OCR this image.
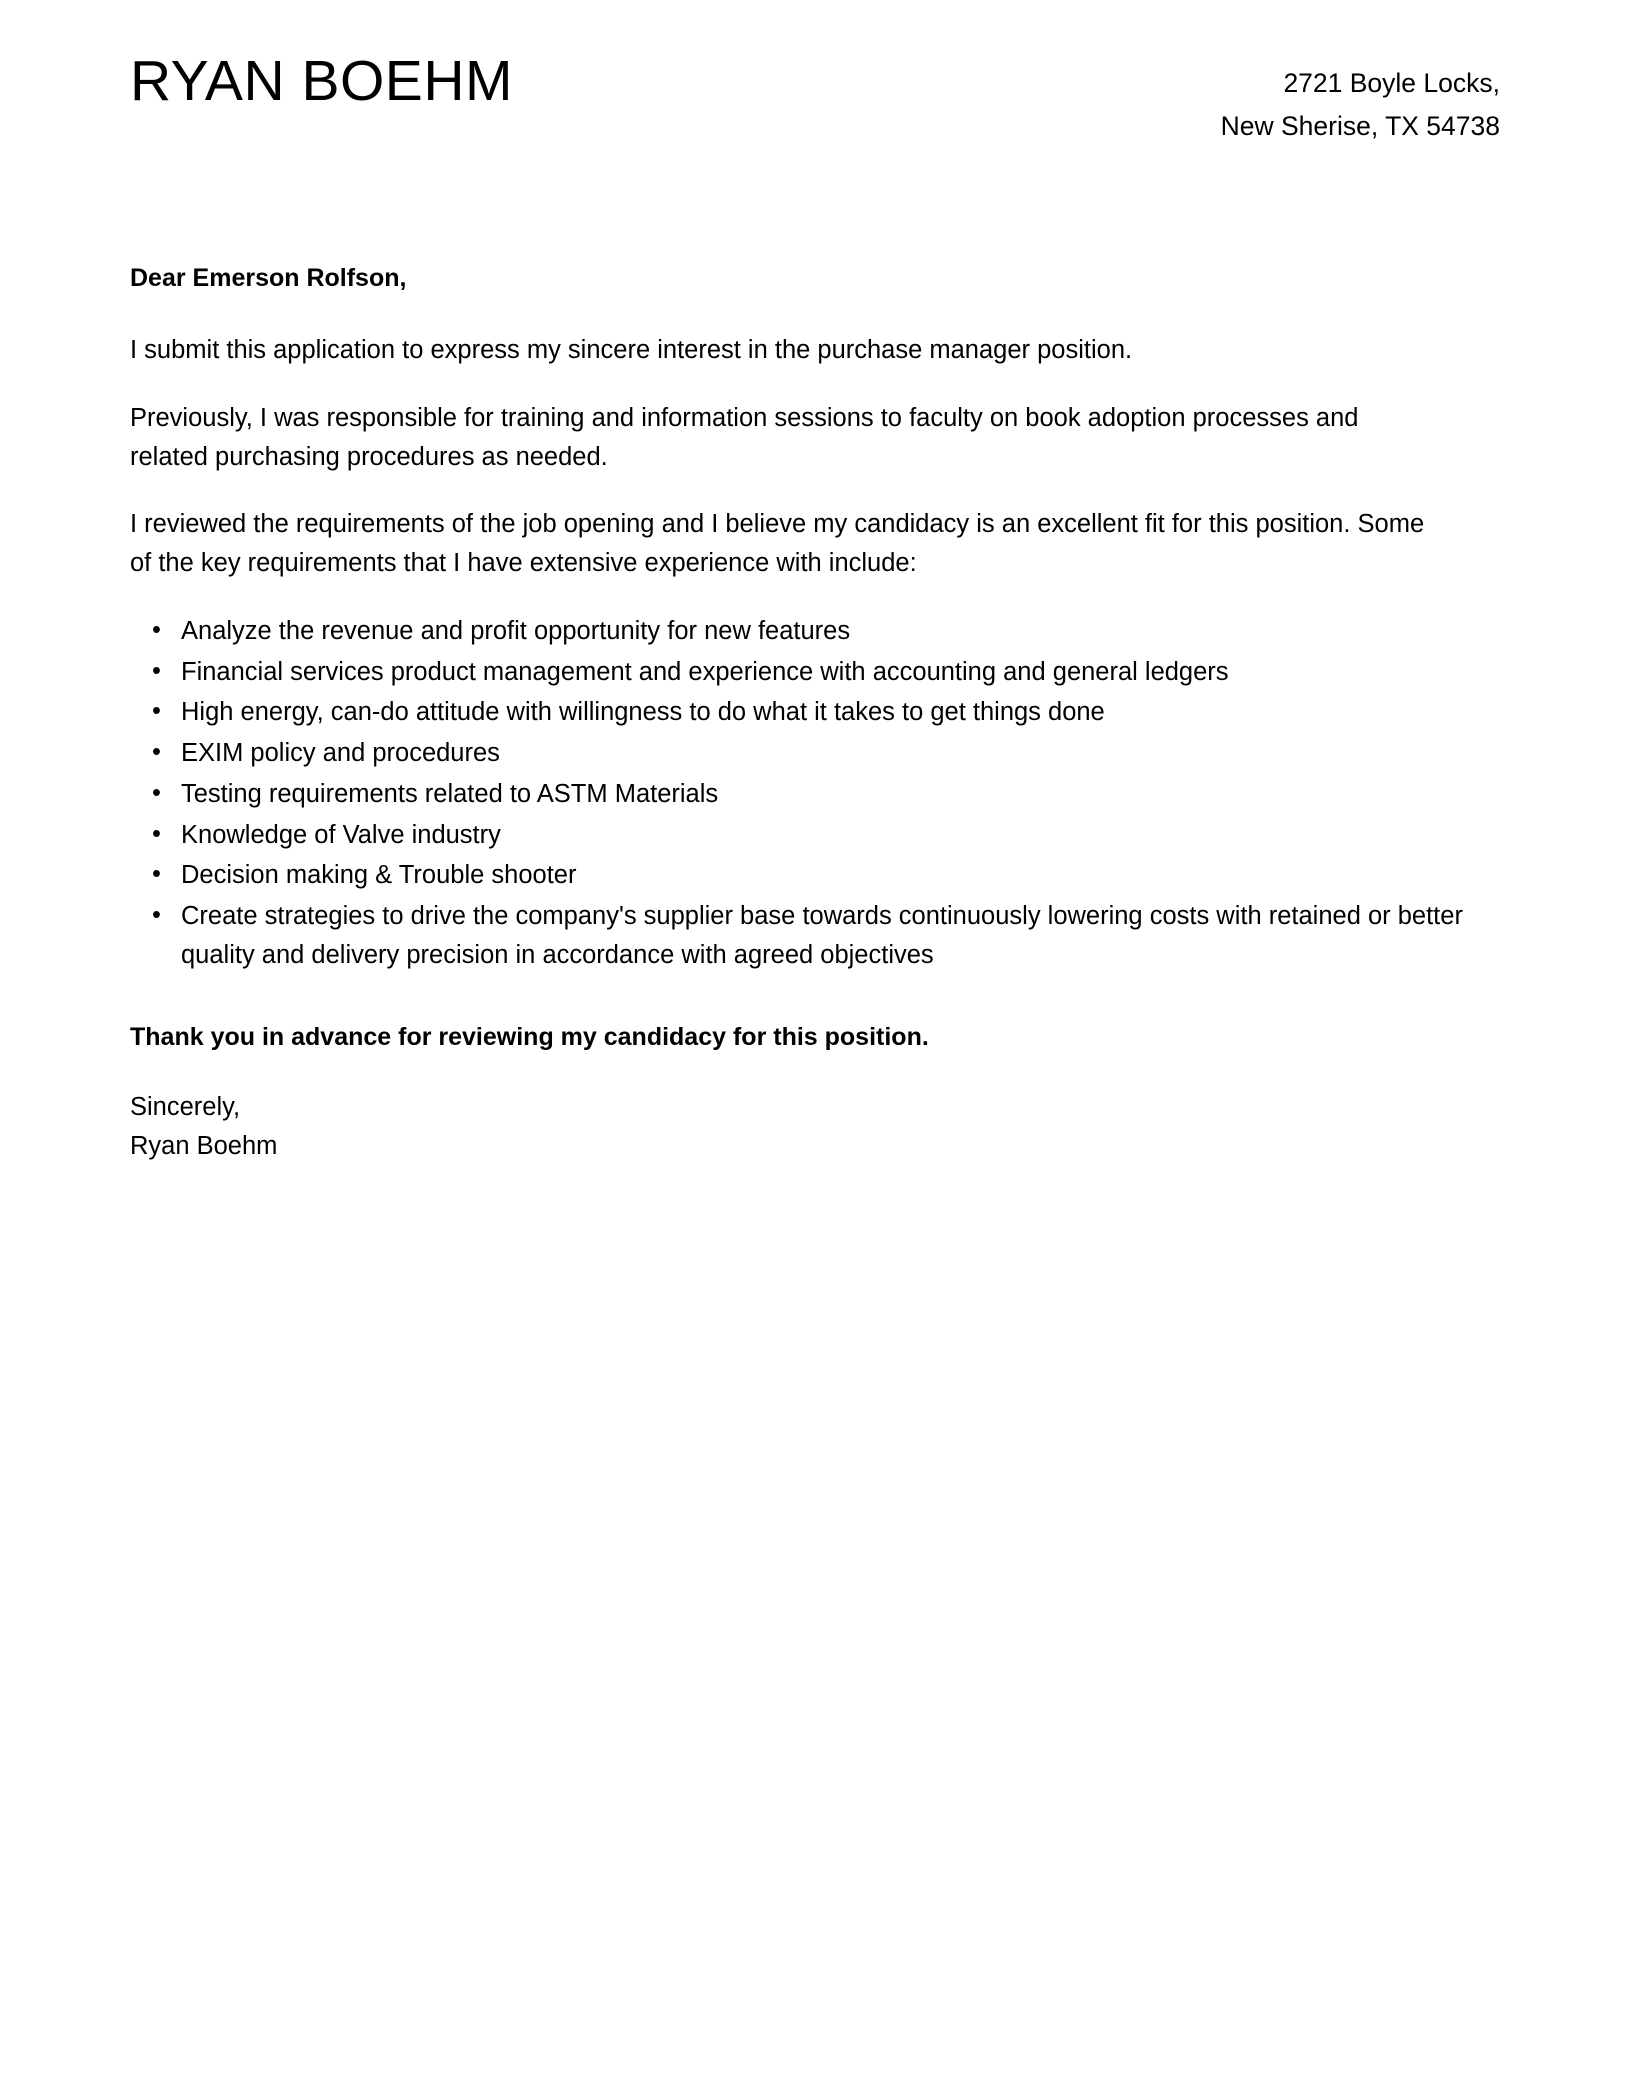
RYAN BOEHM	2721 Boyle Locks,
New Sherise, TX 54738

Dear Emerson Rolfson,

I submit this application to express my sincere interest in the purchase manager position.

Previously, I was responsible for training and information sessions to faculty on book adoption processes and related purchasing procedures as needed.

I reviewed the requirements of the job opening and I believe my candidacy is an excellent fit for this position. Some of the key requirements that I have extensive experience with include:

• Analyze the revenue and profit opportunity for new features
• Financial services product management and experience with accounting and general ledgers
• High energy, can-do attitude with willingness to do what it takes to get things done
• EXIM policy and procedures
• Testing requirements related to ASTM Materials
• Knowledge of Valve industry
• Decision making & Trouble shooter
• Create strategies to drive the company's supplier base towards continuously lowering costs with retained or better quality and delivery precision in accordance with agreed objectives

Thank you in advance for reviewing my candidacy for this position.

Sincerely,
Ryan Boehm
